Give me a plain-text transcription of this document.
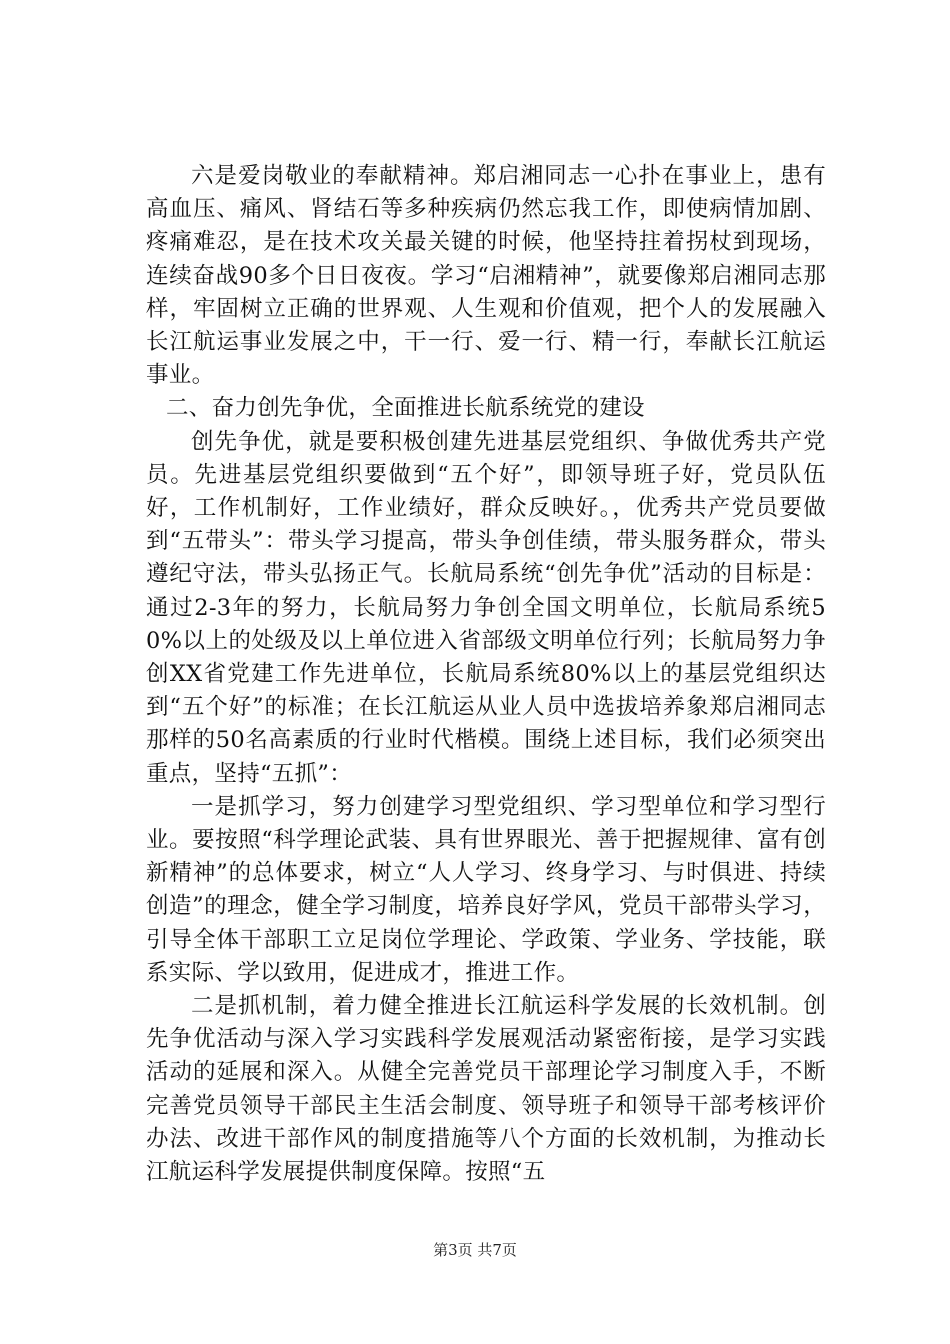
六是爱岗敬业的奉献精神。郑启湘同志一心扑在事业上，患有高血压、痛风、肾结石等多种疾病仍然忘我工作，即使病情加剧、疼痛难忍，是在技术攻关最关键的时候，他坚持拄着拐杖到现场，连续奋战90多个日日夜夜。学习“启湘精神”，就要像郑启湘同志那样，牢固树立正确的世界观、人生观和价值观，把个人的发展融入长江航运事业发展之中，干一行、爱一行、精一行，奉献长江航运事业。

二、奋力创先争优，全面推进长航系统党的建设

创先争优，就是要积极创建先进基层党组织、争做优秀共产党员。先进基层党组织要做到“五个好”，即领导班子好，党员队伍好，工作机制好，工作业绩好，群众反映好。，优秀共产党员要做到“五带头”：带头学习提高，带头争创佳绩，带头服务群众，带头遵纪守法，带头弘扬正气。长航局系统“创先争优”活动的目标是：通过2-3年的努力，长航局努力争创全国文明单位，长航局系统50%以上的处级及以上单位进入省部级文明单位行列；长航局努力争创XX省党建工作先进单位，长航局系统80%以上的基层党组织达到“五个好”的标准；在长江航运从业人员中选拔培养象郑启湘同志那样的50名高素质的行业时代楷模。围绕上述目标，我们必须突出重点，坚持“五抓”：

一是抓学习，努力创建学习型党组织、学习型单位和学习型行业。要按照“科学理论武装、具有世界眼光、善于把握规律、富有创新精神”的总体要求，树立“人人学习、终身学习、与时俱进、持续创造”的理念，健全学习制度，培养良好学风，党员干部带头学习，引导全体干部职工立足岗位学理论、学政策、学业务、学技能，联系实际、学以致用，促进成才，推进工作。

二是抓机制，着力健全推进长江航运科学发展的长效机制。创先争优活动与深入学习实践科学发展观活动紧密衔接，是学习实践活动的延展和深入。从健全完善党员干部理论学习制度入手，不断完善党员领导干部民主生活会制度、领导班子和领导干部考核评价办法、改进干部作风的制度措施等八个方面的长效机制，为推动长江航运科学发展提供制度保障。按照“五

第3页 共7页
